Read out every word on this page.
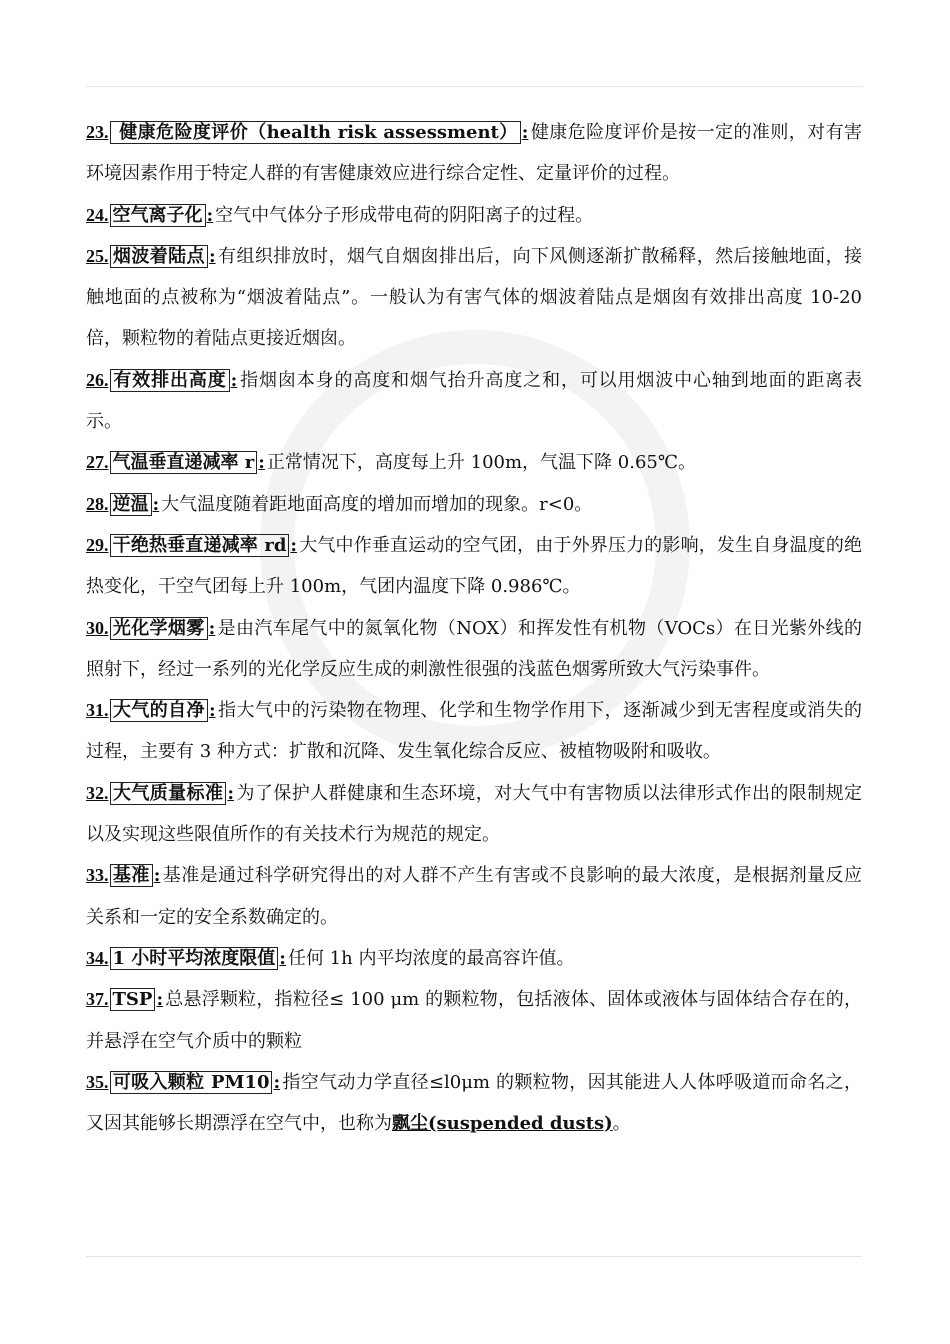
23. 健康危险度评价（health risk assessment） : 健康危险度评价是按一定的准则，对有害环境因素作用于特定人群的有害健康效应进行综合定性、定量评价的过程。

24. 空气离子化 : 空气中气体分子形成带电荷的阴阳离子的过程。

25. 烟波着陆点 : 有组织排放时，烟气自烟囱排出后，向下风侧逐渐扩散稀释，然后接触地面，接触地面的点被称为“烟波着陆点”。一般认为有害气体的烟波着陆点是烟囱有效排出高度 10-20 倍，颗粒物的着陆点更接近烟囱。

26. 有效排出高度 : 指烟囱本身的高度和烟气抬升高度之和，可以用烟波中心轴到地面的距离表示。

27. 气温垂直递减率 r : 正常情况下，高度每上升 100m，气温下降 0.65℃。

28. 逆温 : 大气温度随着距地面高度的增加而增加的现象。r<0。

29. 干绝热垂直递减率 rd : 大气中作垂直运动的空气团，由于外界压力的影响，发生自身温度的绝热变化，干空气团每上升 100m，气团内温度下降 0.986℃。

30. 光化学烟雾 : 是由汽车尾气中的氮氧化物（NOX）和挥发性有机物（VOCs）在日光紫外线的照射下，经过一系列的光化学反应生成的刺激性很强的浅蓝色烟雾所致大气污染事件。

31. 大气的自净 : 指大气中的污染物在物理、化学和生物学作用下，逐渐减少到无害程度或消失的过程，主要有 3 种方式：扩散和沉降、发生氧化综合反应、被植物吸附和吸收。

32. 大气质量标准 : 为了保护人群健康和生态环境，对大气中有害物质以法律形式作出的限制规定以及实现这些限值所作的有关技术行为规范的规定。

33. 基准 : 基准是通过科学研究得出的对人群不产生有害或不良影响的最大浓度，是根据剂量反应关系和一定的安全系数确定的。

34. 1 小时平均浓度限值 : 任何 1h 内平均浓度的最高容许值。

37. TSP : 总悬浮颗粒，指粒径≤ 100 μm 的颗粒物，包括液体、固体或液体与固体结合存在的，并悬浮在空气介质中的颗粒

35. 可吸入颗粒 PM10 : 指空气动力学直径≤l0μm 的颗粒物，因其能进人人体呼吸道而命名之，又因其能够长期漂浮在空气中，也称为飘尘(suspended dusts)。
